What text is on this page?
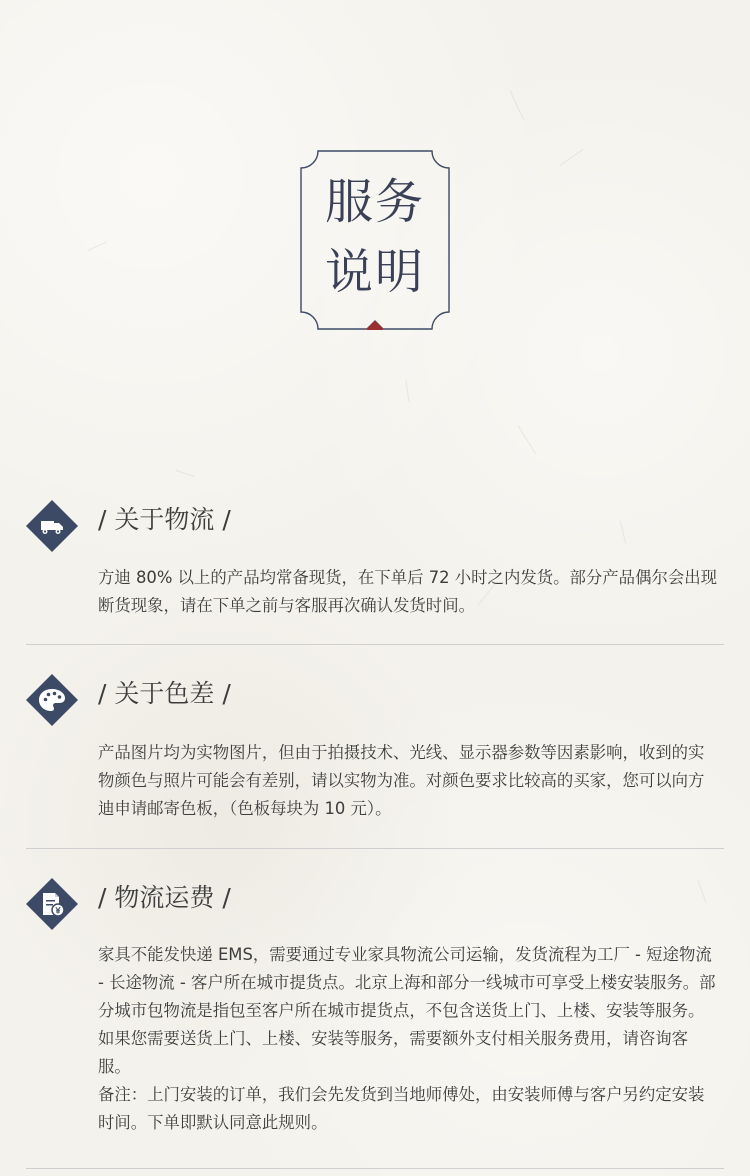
服务
说明
/ 关于物流 /

方迪 80% 以上的产品均常备现货，在下单后 72 小时之内发货。部分产品偶尔会出现断货现象，请在下单之前与客服再次确认发货时间。

/ 关于色差 /

产品图片均为实物图片，但由于拍摄技术、光线、显示器参数等因素影响，收到的实物颜色与照片可能会有差别，请以实物为准。对颜色要求比较高的买家，您可以向方迪申请邮寄色板，（色板每块为 10 元）。

/ 物流运费 /

家具不能发快递 EMS，需要通过专业家具物流公司运输，发货流程为工厂 - 短途物流 - 长途物流 - 客户所在城市提货点。北京上海和部分一线城市可享受上楼安装服务。部分城市包物流是指包至客户所在城市提货点，不包含送货上门、上楼、安装等服务。如果您需要送货上门、上楼、安装等服务，需要额外支付相关服务费用，请咨询客服。

备注：上门安装的订单，我们会先发货到当地师傅处，由安装师傅与客户另约定安装时间。下单即默认同意此规则。
